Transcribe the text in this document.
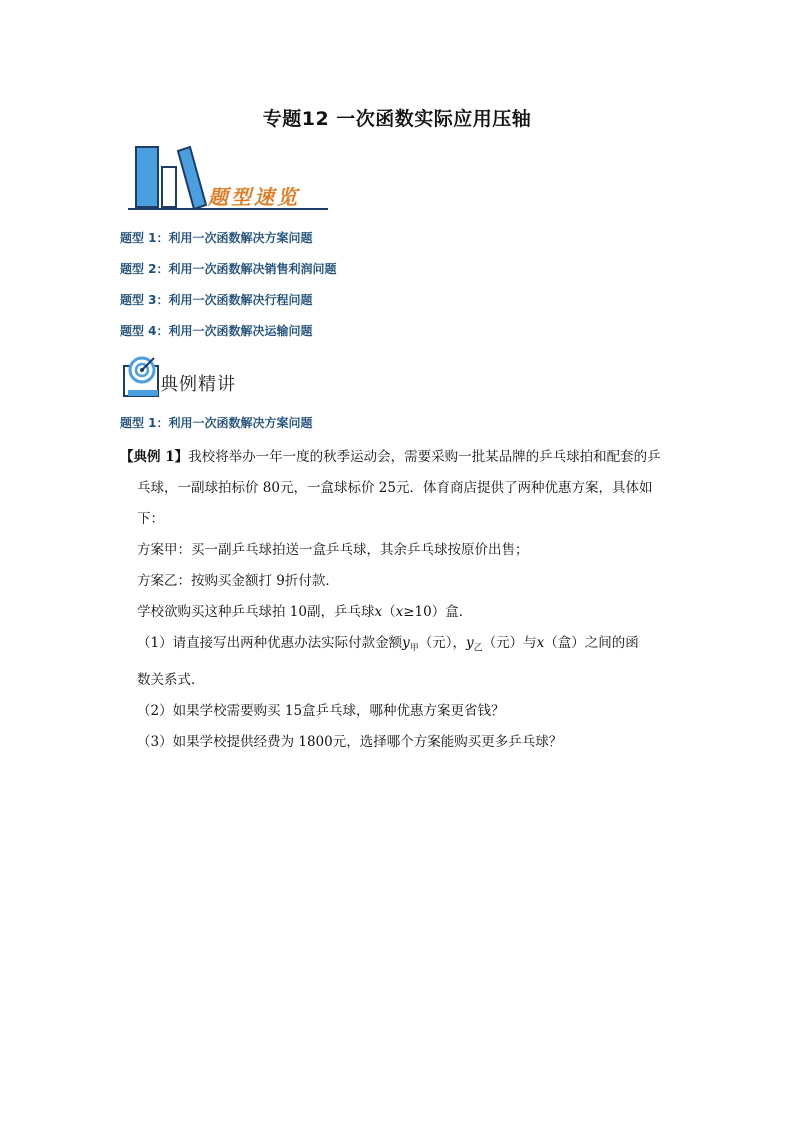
专题12 一次函数实际应用压轴
题型速览
题型 1：利用一次函数解决方案问题
题型 2：利用一次函数解决销售利润问题
题型 3：利用一次函数解决行程问题
题型 4：利用一次函数解决运输问题
典例精讲
题型 1：利用一次函数解决方案问题

【典例 1】我校将举办一年一度的秋季运动会，需要采购一批某品牌的乒乓球拍和配套的乒

乓球，一副球拍标价 80元，一盒球标价 25元．体育商店提供了两种优惠方案，具体如

下：

方案甲：买一副乒乓球拍送一盒乒乓球，其余乒乓球按原价出售；

方案乙：按购买金额打 9折付款．

学校欲购买这种乒乓球拍 10副，乒乓球x（x≥10）盒．

（1）请直接写出两种优惠办法实际付款金额$y_甲$（元），$y_乙$（元）与x（盒）之间的函

数关系式．

（2）如果学校需要购买 15盒乒乓球，哪种优惠方案更省钱？

（3）如果学校提供经费为 1800元，选择哪个方案能购买更多乒乓球？
